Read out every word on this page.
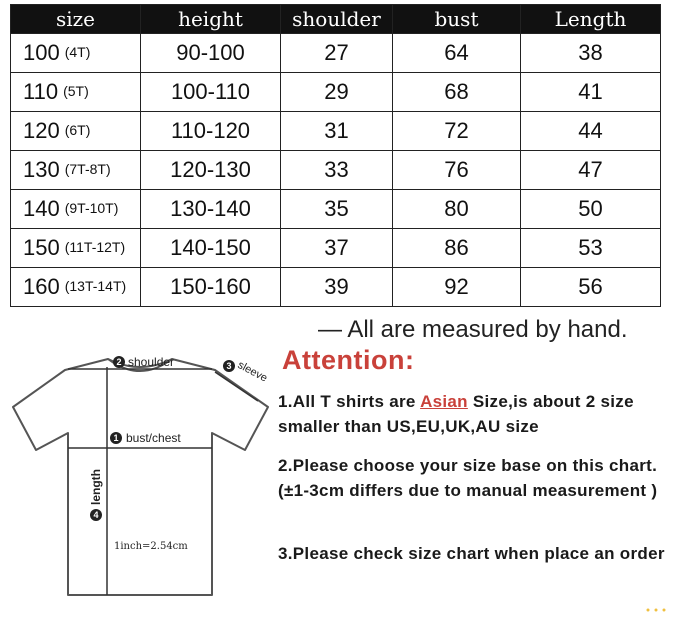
size	height	shoulder	bust	Length
100 (4T)	90-100	27	64	38
110 (5T)	100-110	29	68	41
120 (6T)	110-120	31	72	44
130 (7T-8T)	120-130	33	76	47
140 (9T-10T)	130-140	35	80	50
150 (11T-12T)	140-150	37	86	53
160 (13T-14T)	150-160	39	92	56
— All are measured by hand.
2 shoulder	3 sleeve
1 bust/chest
4
length
1inch=2.54cm
Attention:
1.All T shirts are Asian Size,is about 2 size smaller than US,EU,UK,AU size
2.Please choose your size base on this chart.(±1-3cm differs due to manual measurement )
3.Please check size chart when place an order
